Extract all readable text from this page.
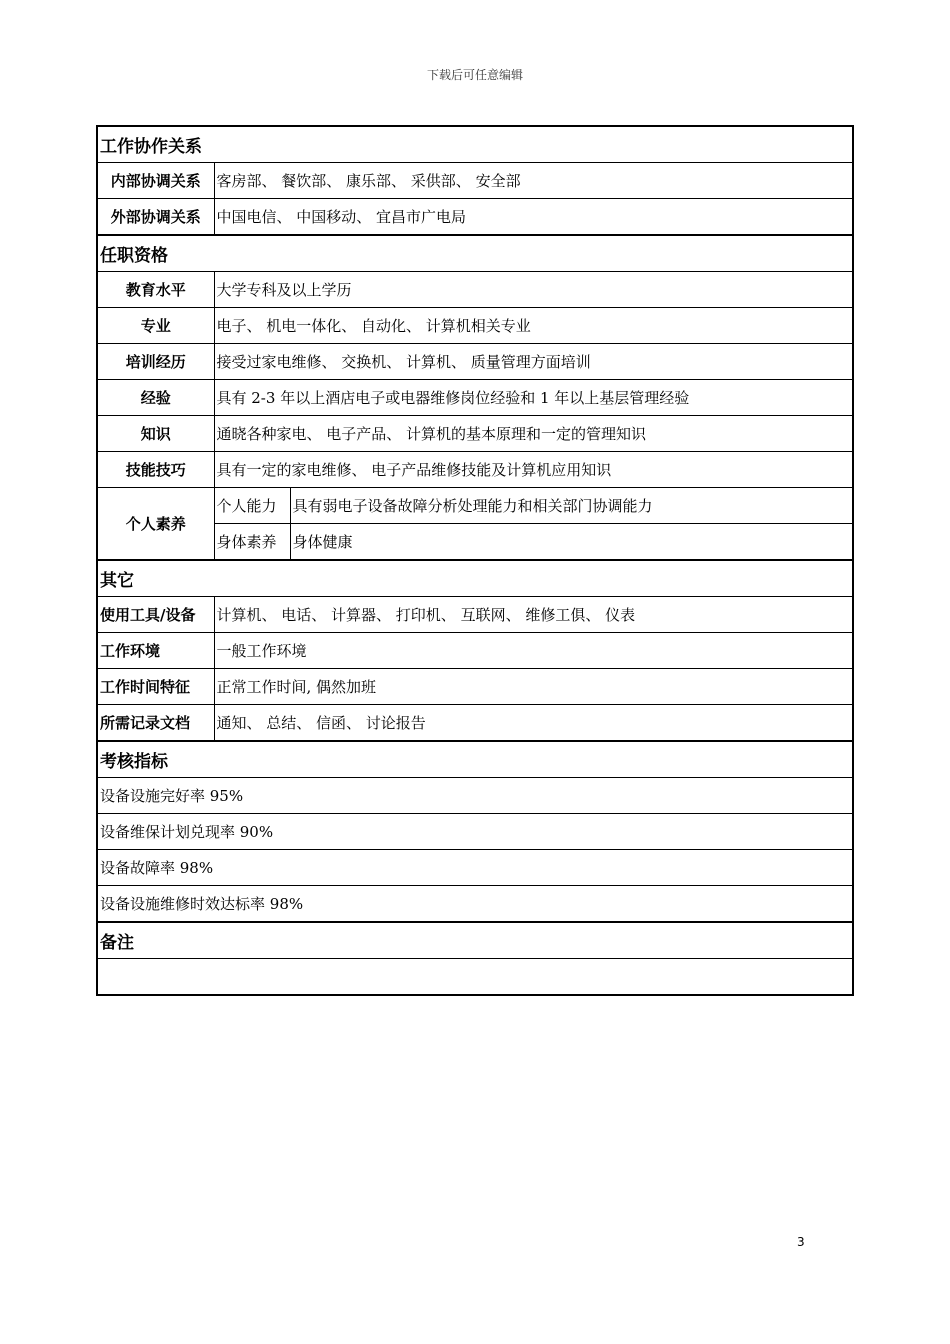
下载后可任意编辑
工作协作关系		
内部协调关系	客房部、 餐饮部、 康乐部、 采供部、 安全部	
外部协调关系	中国电信、 中国移动、 宜昌市广电局	
任职资格		
教育水平	大学专科及以上学历	
专业	电子、 机电一体化、 自动化、 计算机相关专业	
培训经历	接受过家电维修、 交换机、 计算机、 质量管理方面培训	
经验	具有 2-3 年以上酒店电子或电器维修岗位经验和 1 年以上基层管理经验	
知识	通晓各种家电、 电子产品、 计算机的基本原理和一定的管理知识	
技能技巧	具有一定的家电维修、 电子产品维修技能及计算机应用知识	
个人素养	个人能力	具有弱电子设备故障分析处理能力和相关部门协调能力
	身体素养	身体健康
其它		
使用工具/设备	计算机、 电话、 计算器、 打印机、 互联网、 维修工俱、 仪表	
工作环境	一般工作环境	
工作时间特征	正常工作时间, 偶然加班	
所需记录文档	通知、 总结、 信函、 讨论报告	
考核指标		
设备设施完好率 95%		
设备维保计划兑现率 90%		
设备故障率 98%		
设备设施维修时效达标率 98%		
备注		

3
